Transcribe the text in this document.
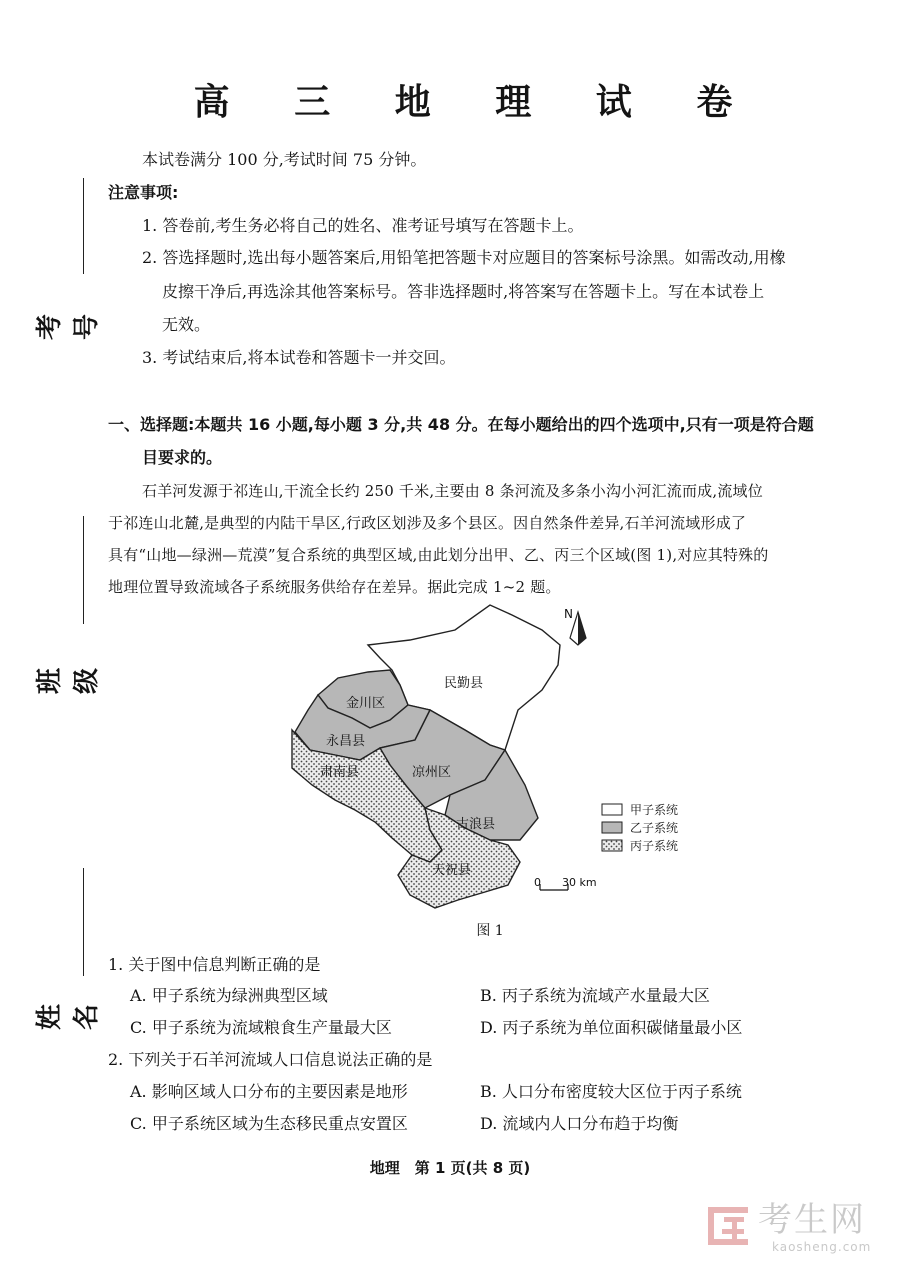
高 三 地 理 试 卷
考号
班级
姓名
本试卷满分 100 分,考试时间 75 分钟。
注意事项:
1. 答卷前,考生务必将自己的姓名、准考证号填写在答题卡上。
2. 答选择题时,选出每小题答案后,用铅笔把答题卡对应题目的答案标号涂黑。如需改动,用橡
皮擦干净后,再选涂其他答案标号。答非选择题时,将答案写在答题卡上。写在本试卷上
无效。
3. 考试结束后,将本试卷和答题卡一并交回。
一、选择题:本题共 16 小题,每小题 3 分,共 48 分。在每小题给出的四个选项中,只有一项是符合题
目要求的。
石羊河发源于祁连山,干流全长约 250 千米,主要由 8 条河流及多条小沟小河汇流而成,流域位
于祁连山北麓,是典型的内陆干旱区,行政区划涉及多个县区。因自然条件差异,石羊河流域形成了
具有“山地—绿洲—荒漠”复合系统的典型区域,由此划分出甲、乙、丙三个区域(图 1),对应其特殊的
地理位置导致流域各子系统服务供给存在差异。据此完成 1~2 题。
民勤县
金川区
永昌县
肃南县	凉州区
古浪县
天祝县
N
甲子系统
乙子系统
丙子系统
0 30 km
图 1
1. 关于图中信息判断正确的是
A. 甲子系统为绿洲典型区域	B. 丙子系统为流域产水量最大区
C. 甲子系统为流域粮食生产量最大区	D. 丙子系统为单位面积碳储量最小区
2. 下列关于石羊河流域人口信息说法正确的是
A. 影响区域人口分布的主要因素是地形	B. 人口分布密度较大区位于丙子系统
C. 甲子系统区域为生态移民重点安置区	D. 流域内人口分布趋于均衡
地理　第 1 页(共 8 页)
考生网
kaosheng.com
